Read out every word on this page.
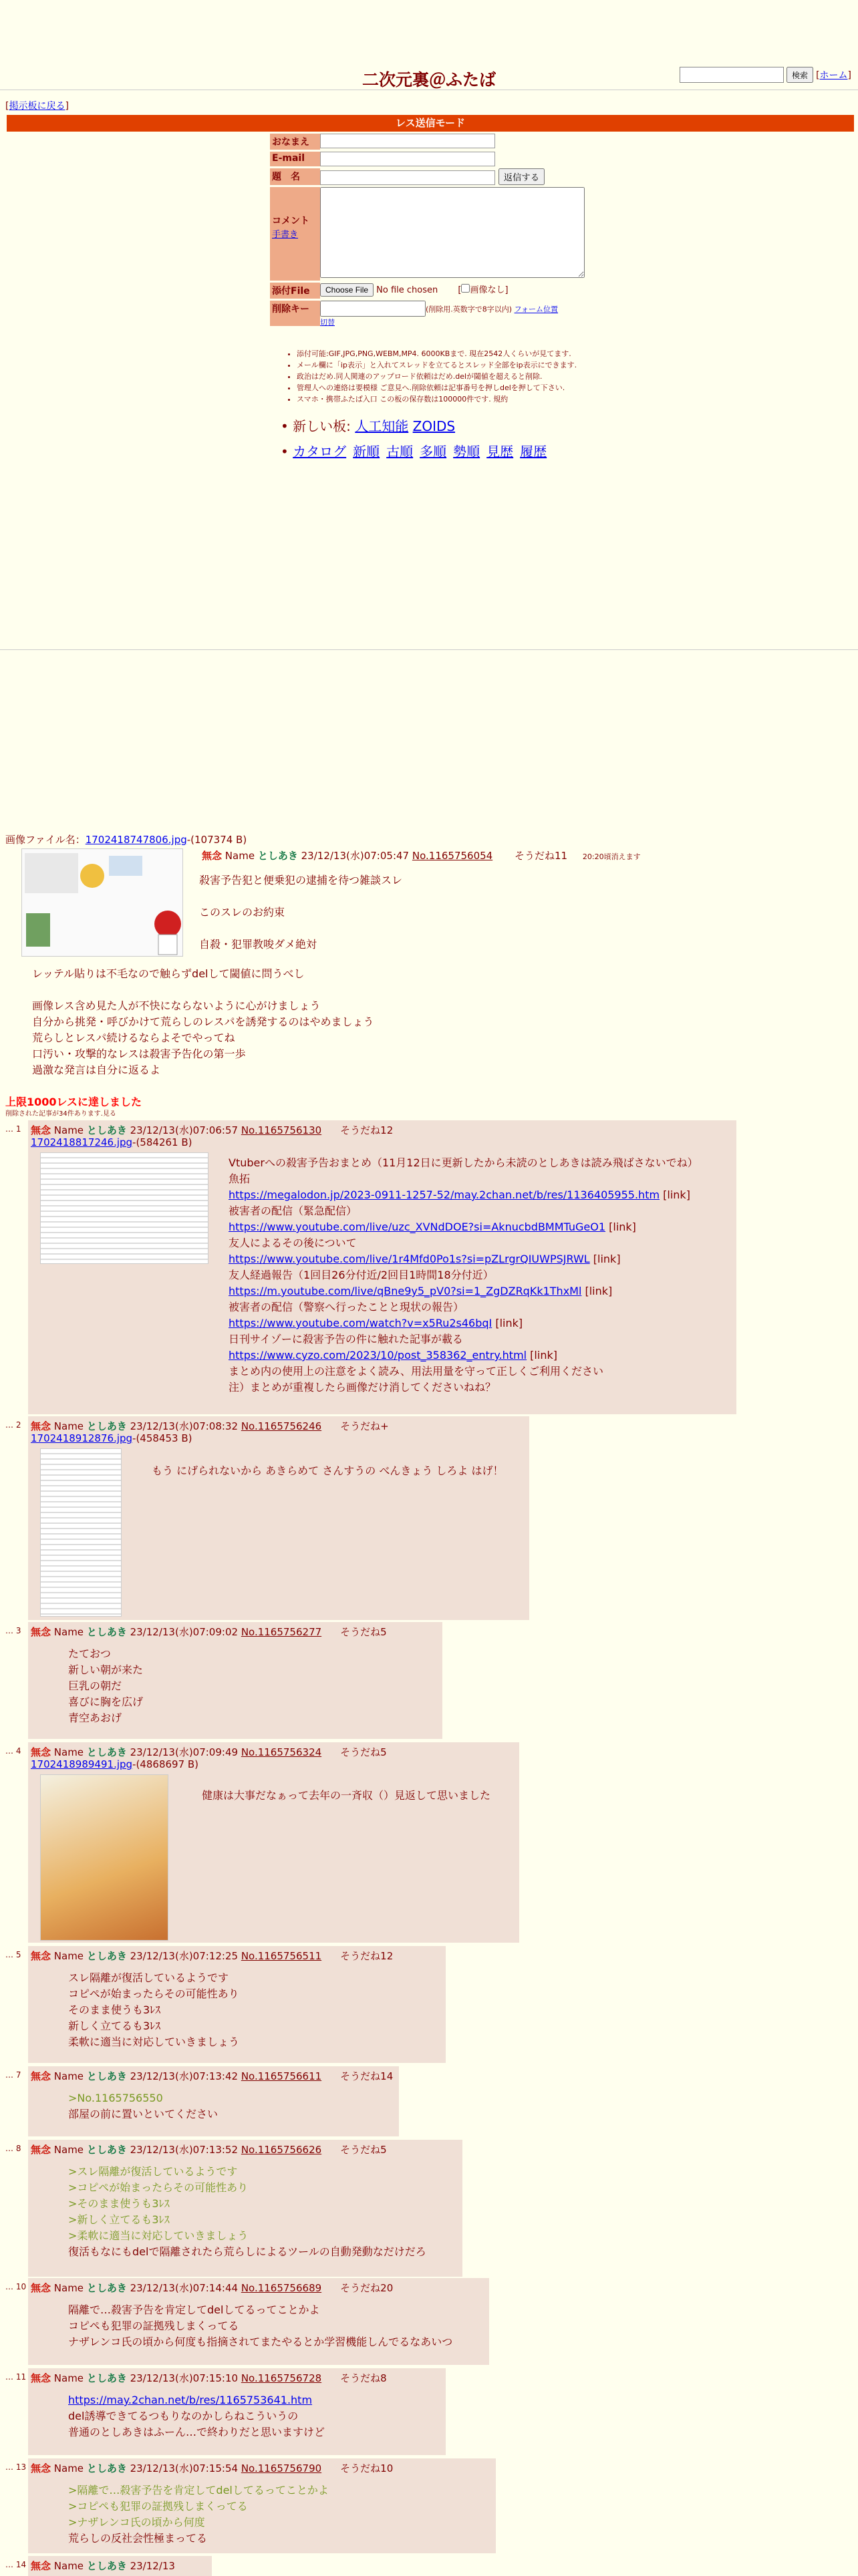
二次元裏＠ふたば	検索 [ホーム]
[掲示板に戻る]
レス送信モード
おなまえ
E-mail
題　名	返信する
コメント
手書き
添付File	Choose File No file chosen [ 画像なし]
削除キー	(削除用.英数字で8字以内) フォーム位置
切替
• 添付可能:GIF,JPG,PNG,WEBM,MP4. 6000KBまで. 現在2542人くらいが見てます.
• メール欄に「ip表示」と入れてスレッドを立てるとスレッド全部をip表示にできます.
• 政治はだめ.同人関連のアップロード依頼はだめ.delが閾値を超えると削除.
• 管理人への連絡は要模様 ご意見へ.削除依頼は記事番号を押しdelを押して下さい.
• スマホ・携帯ふたば入口 この板の保存数は100000件です. 規約
• 新しい板: 人工知能 ZOIDS
• カタログ 新順 古順 多順 勢順 見歴 履歴
画像ファイル名：1702418747806.jpg-(107374 B)
無念 Name としあき 23/12/13(水)07:05:47 No.1165756054 そうだね11 20:20頃消えます
殺害予告犯と便乗犯の逮捕を待つ雑談スレ
このスレのお約束
自殺・犯罪教唆ダメ絶対
レッテル貼りは不毛なので触らずdelして閾値に問うべし
画像レス含め見た人が不快にならないように心がけましょう
自分から挑発・呼びかけて荒らしのレスパを誘発するのはやめましょう
荒らしとレスパ続けるならよそでやってね
口汚い・攻撃的なレスは殺害予告化の第一歩
過激な発言は自分に返るよ
上限1000レスに達しました
削除された記事が34件あります.見る
… 1 無念 Name としあき 23/12/13(水)07:06:57 No.1165756130 そうだね12
1702418817246.jpg-(584261 B)
Vtuberへの殺害予告おまとめ（11月12日に更新したから未読のとしあきは読み飛ばさないでね）
魚拓
https://megalodon.jp/2023-0911-1257-52/may.2chan.net/b/res/1136405955.htm [link]
被害者の配信（緊急配信）
https://www.youtube.com/live/uzc_XVNdDOE?si=AknucbdBMMTuGeO1 [link]
友人によるその後について
https://www.youtube.com/live/1r4Mfd0Po1s?si=pZLrgrQIUWPSJRWL [link]
友人経過報告（1回目26分付近/2回目1時間18分付近）
https://m.youtube.com/live/qBne9y5_pV0?si=1_ZgDZRqKk1ThxMl [link]
被害者の配信（警察へ行ったことと現状の報告）
https://www.youtube.com/watch?v=x5Ru2s46bqI [link]
日刊サイゾーに殺害予告の件に触れた記事が載る
https://www.cyzo.com/2023/10/post_358362_entry.html [link]
まとめ内の使用上の注意をよく読み、用法用量を守って正しくご利用ください
注）まとめが重複したら画像だけ消してくださいねね？
… 2 無念 Name としあき 23/12/13(水)07:08:32 No.1165756246 そうだね+
1702418912876.jpg-(458453 B)
もう にげられないから あきらめて さんすうの べんきょう しろよ はげ！
… 3 無念 Name としあき 23/12/13(水)07:09:02 No.1165756277 そうだね5
たておつ
新しい朝が来た
巨乳の朝だ
喜びに胸を広げ
青空あおげ
… 4 無念 Name としあき 23/12/13(水)07:09:49 No.1165756324 そうだね5
1702418989491.jpg-(4868697 B)
健康は大事だなぁって去年の一斉収（）見返して思いました
… 5 無念 Name としあき 23/12/13(水)07:12:25 No.1165756511 そうだね12
スレ隔離が復活しているようです
コピペが始まったらその可能性あり
そのまま使うも3ﾚｽ
新しく立てるも3ﾚｽ
柔軟に適当に対応していきましょう
… 7 無念 Name としあき 23/12/13(水)07:13:42 No.1165756611 そうだね14
>No.1165756550
部屋の前に置いといてください
… 8 無念 Name としあき 23/12/13(水)07:13:52 No.1165756626 そうだね5
>スレ隔離が復活しているようです
>コピペが始まったらその可能性あり
>そのまま使うも3ﾚｽ
>新しく立てるも3ﾚｽ
>柔軟に適当に対応していきましょう
復活もなにもdelで隔離されたら荒らしによるツールの自動発動なだけだろ
… 10 無念 Name としあき 23/12/13(水)07:14:44 No.1165756689 そうだね20
隔離で…殺害予告を肯定してdelしてるってことかよ
コピペも犯罪の証拠残しまくってる
ナザレンコ氏の頃から何度も指摘されてまたやるとか学習機能しんでるなあいつ
… 11 無念 Name としあき 23/12/13(水)07:15:10 No.1165756728 そうだね8
https://may.2chan.net/b/res/1165753641.htm
del誘導できてるつもりなのかしらねこういうの
普通のとしあきはふーん…で終わりだと思いますけど
… 13 無念 Name としあき 23/12/13(水)07:15:54 No.1165756790 そうだね10
>隔離で…殺害予告を肯定してdelしてるってことかよ
>コピペも犯罪の証拠残しまくってる
>ナザレンコ氏の頃から何度
荒らしの反社会性極まってる
… 14 無念 Name としあき 23/12/13
